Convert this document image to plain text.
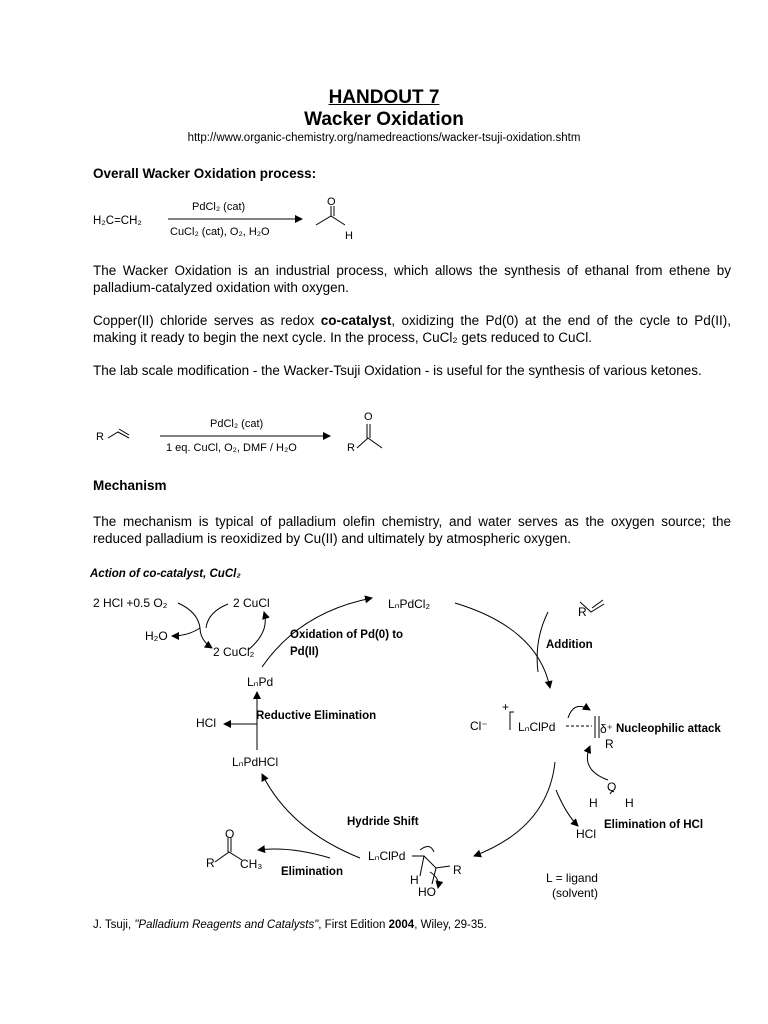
HANDOUT 7
Wacker Oxidation
http://www.organic-chemistry.org/namedreactions/wacker-tsuji-oxidation.shtm
Overall Wacker Oxidation process:
H₂C=CH₂
PdCl₂ (cat)
CuCl₂ (cat), O₂, H₂O
O
H
The Wacker Oxidation is an industrial process, which allows the synthesis of ethanal from ethene by palladium-catalyzed oxidation with oxygen.
Copper(II) chloride serves as redox co-catalyst, oxidizing the Pd(0) at the end of the cycle to Pd(II), making it ready to begin the next cycle. In the process, CuCl₂ gets reduced to CuCl.
The lab scale modification - the Wacker-Tsuji Oxidation - is useful for the synthesis of various ketones.
R
PdCl₂ (cat)
1 eq. CuCl, O₂, DMF / H₂O	R
O
Mechanism
The mechanism is typical of palladium olefin chemistry, and water serves as the oxygen source; the reduced palladium is reoxidized by Cu(II) and ultimately by atmospheric oxygen.
Action of co-catalyst, CuCl₂
2 HCl +0.5 O₂	2 CuCl
H₂O
2 CuCl₂
Oxidation of Pd(0) to Pd(II)
LₙPdCl₂
LₙPd
Addition
R
HCl	Reductive Elimination
Cl⁻
+
LₙClPd	δ⁺
R
Nucleophilic attack
LₙPdHCl
H
O
H
Hydride Shift	Elimination of HCl
HCl
O
R CH₃
Elimination
LₙClPd
R
H
HO
L = ligand
(solvent)
J. Tsuji, "Palladium Reagents and Catalysts", First Edition 2004, Wiley, 29-35.
